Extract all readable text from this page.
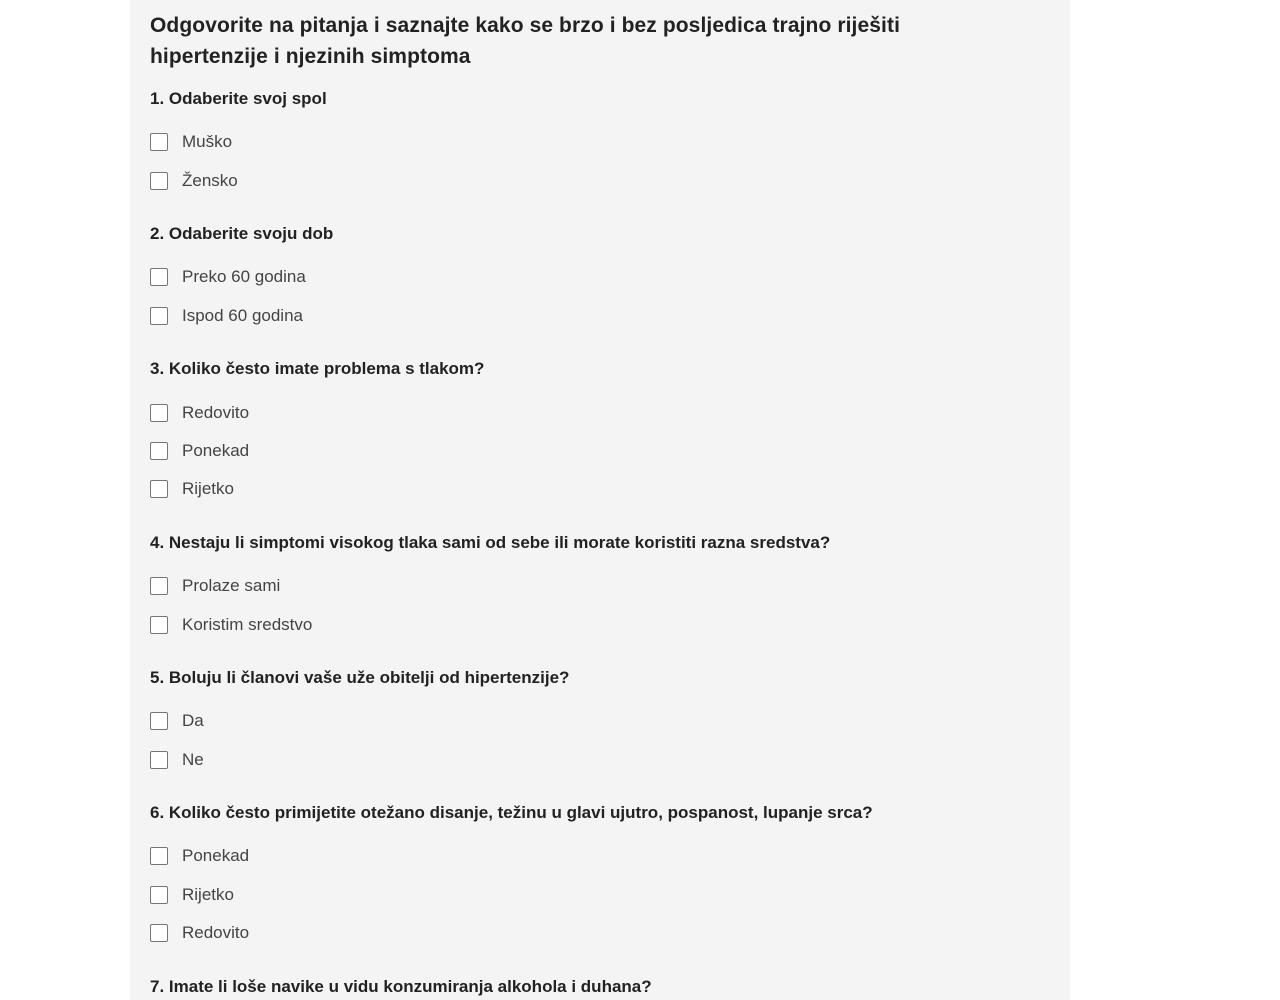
Odgovorite na pitanja i saznajte kako se brzo i bez posljedica trajno riješiti
hipertenzije i njezinih simptoma
1. Odaberite svoj spol
Muško
Žensko
2. Odaberite svoju dob
Preko 60 godina
Ispod 60 godina
3. Koliko često imate problema s tlakom?
Redovito
Ponekad
Rijetko
4. Nestaju li simptomi visokog tlaka sami od sebe ili morate koristiti razna sredstva?
Prolaze sami
Koristim sredstvo
5. Boluju li članovi vaše uže obitelji od hipertenzije?
Da
Ne
6. Koliko često primijetite otežano disanje, težinu u glavi ujutro, pospanost, lupanje srca?
Ponekad
Rijetko
Redovito
7. Imate li loše navike u vidu konzumiranja alkohola i duhana?
